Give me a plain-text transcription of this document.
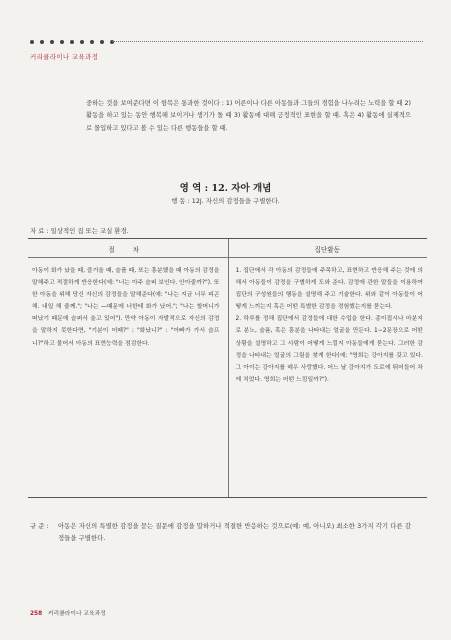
커리큘라이나 교육과정
중하는 것을 보여준다면 이 항목은 통과한 것이다 : 1) 어른이나 다른 아동들과 그들의 경험을 나누려는 노력을 할 때 2) 활동을 하고 있는 동안 행복해 보이거나 생기가 돌 때 3) 활동에 대해 긍정적인 표현을 할 때. 혹은 4) 활동에 실제적으로 몰입하고 있다고 볼 수 있는 다른 행동들을 할 때.
영 역 : 12. 자아 개념
행 동 : 12j. 자신의 감정들을 구별한다.
자 료 : 일상적인 집 또는 교실 환경.
절 차	집단활동

아동이 화가 났을 때, 즐거울 때, 슬플 때, 또는 흥분했을 때 아동의 감정을 말해주고 적절하게 반응한다(예: "너는 아주 슬퍼 보인다. 안아줄까?"). 또한 아동을 위해 당신 자신의 감정들을 말해준다(예: "나는 지금 너무 피곤해. 내일 해 줄께."; "나는 —때문에 너한테 화가 났어."; "나는 할머니가 떠났기 때문에 슬퍼서 울고 있어"). 만약 아동이 자발적으로 자신의 감정을 말하지 못한다면, "기분이 어때?" : "화났니?" : "아빠가 가서 슬프니?"하고 물어서 아동의 표현능력을 점검한다.

1. 집단에서 각 아동의 감정들에 주목하고, 표현하고 반응해 주는 것에 의해서 아동들이 감정을 구별하게 도와 준다. 감정에 관한 말들을 이용하여 집단의 구성원들의 행동을 설명해 주고 기술한다. 위와 같이 아동들이 어떻게 느끼는지 혹은 어떤 특별한 감정을 경험했는지를 묻는다.

2. 하루를 정해 집단에서 감정들에 대한 수업을 한다. 종이접시나 마분지로 분노, 슬픔, 혹은 흥분을 나타내는 얼굴을 만든다. 1∼2문장으로 어떤 상황을 설명하고 그 사람이 어떻게 느낄지 아동들에게 묻는다. 그러한 감정을 나타내는 얼굴의 그림을 찾게 한다(예: "영희는 강아지를 갖고 있다. 그 아이는 강아지를 매우 사랑했다. 어느 날 강아지가 도로에 뛰어들어 차에 치었다. 영희는 어떤 느낌일까?").

규 준 : 아동은 자신의 특별한 감정을 묻는 질문에 감정을 말하거나 적절한 반응하는 것으로(예: 예, 아니오) 최소한 3가지 각기 다른 감정들을 구별한다.
258 커리큘라이나 교육과정
